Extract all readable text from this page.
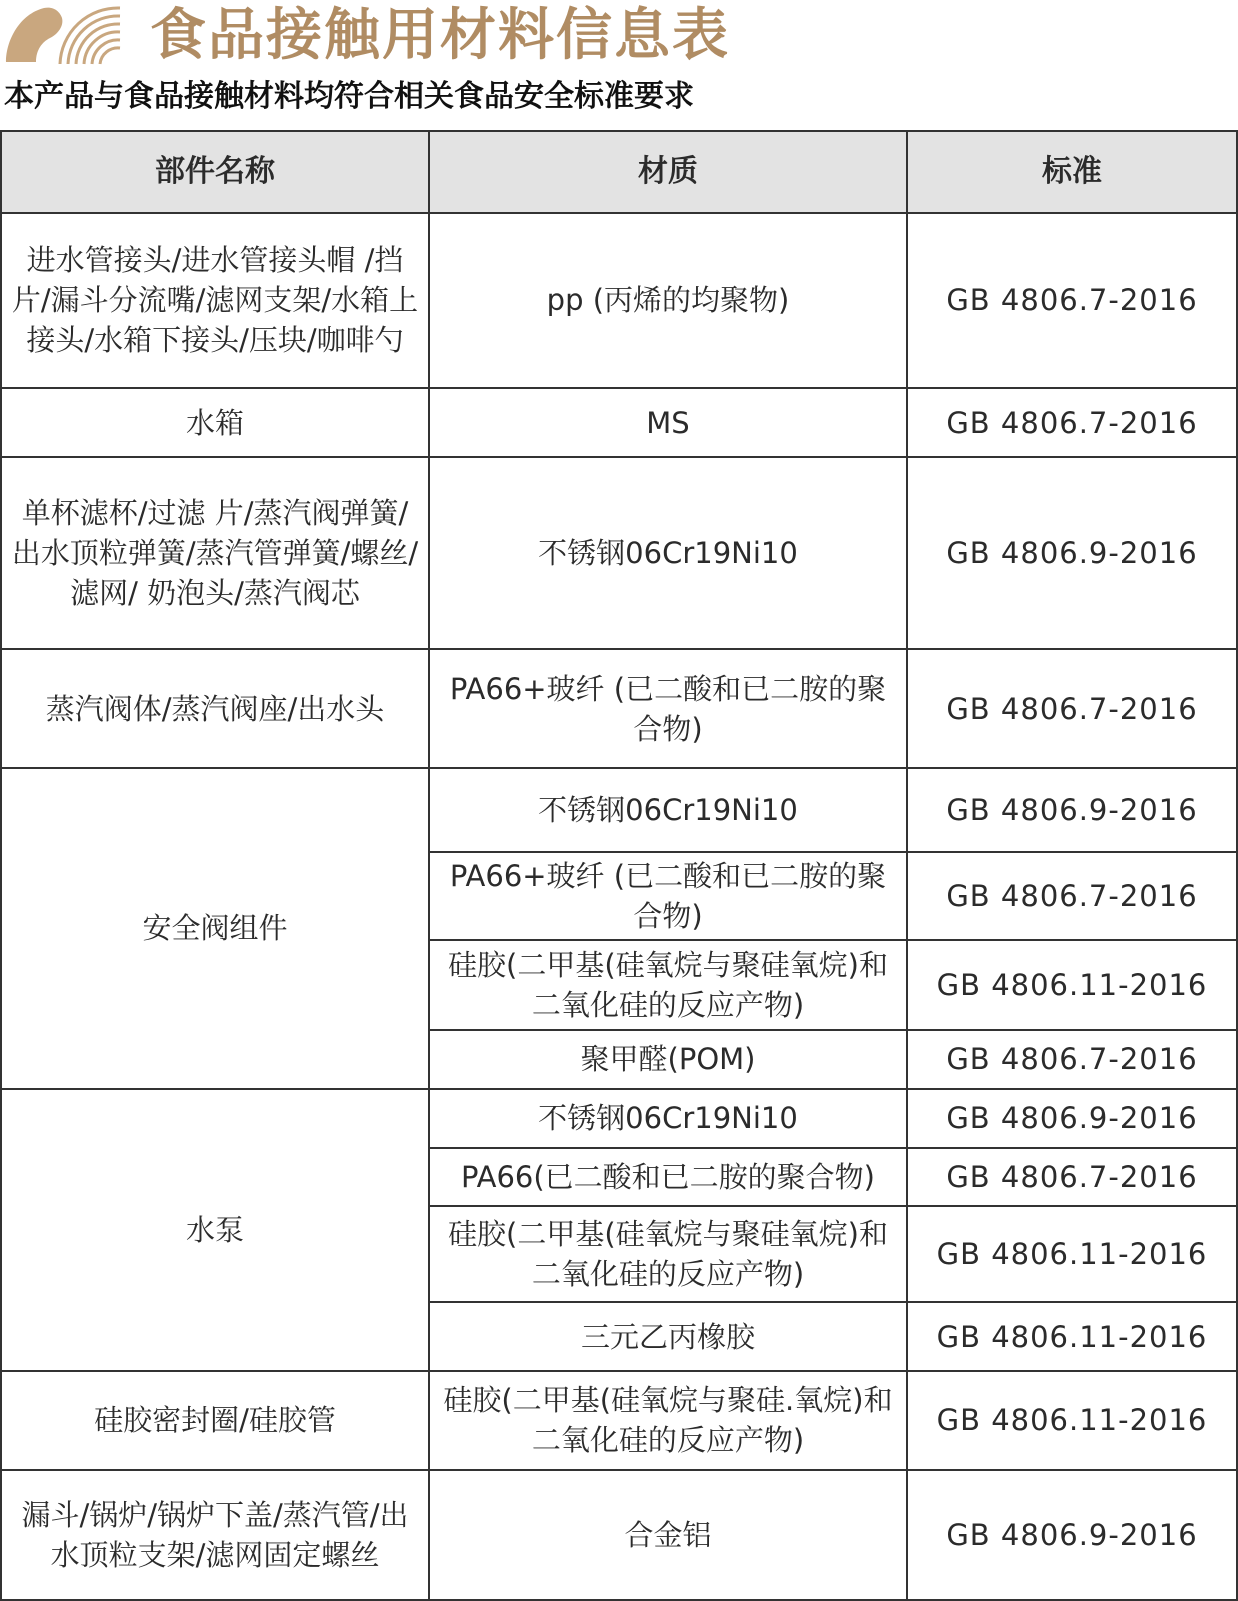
食品接触用材料信息表
本产品与食品接触材料均符合相关食品安全标准要求
部件名称	材质	标准
进水管接头/进水管接头帽 /挡片/漏斗分流嘴/滤网支架/水箱上接头/水箱下接头/压块/咖啡勺	pp (丙烯的均聚物)	GB 4806.7-2016
水箱	MS	GB 4806.7-2016
单杯滤杯/过滤 片/蒸汽阀弹簧/出水顶粒弹簧/蒸汽管弹簧/螺丝/滤网/ 奶泡头/蒸汽阀芯	不锈钢06Cr19Ni10	GB 4806.9-2016
蒸汽阀体/蒸汽阀座/出水头	PA66+玻纤 (已二酸和已二胺的聚合物)	GB 4806.7-2016
安全阀组件	不锈钢06Cr19Ni10	GB 4806.9-2016
	PA66+玻纤 (已二酸和已二胺的聚合物)	GB 4806.7-2016
	硅胶(二甲基(硅氧烷与聚硅氧烷)和二氧化硅的反应产物)	GB 4806.11-2016
	聚甲醛(POM)	GB 4806.7-2016
水泵	不锈钢06Cr19Ni10	GB 4806.9-2016
	PA66(已二酸和已二胺的聚合物)	GB 4806.7-2016
	硅胶(二甲基(硅氧烷与聚硅氧烷)和二氧化硅的反应产物)	GB 4806.11-2016
	三元乙丙橡胶	GB 4806.11-2016
硅胶密封圈/硅胶管	硅胶(二甲基(硅氧烷与聚硅.氧烷)和二氧化硅的反应产物)	GB 4806.11-2016
漏斗/锅炉/锅炉下盖/蒸汽管/出水顶粒支架/滤网固定螺丝	合金铝	GB 4806.9-2016
